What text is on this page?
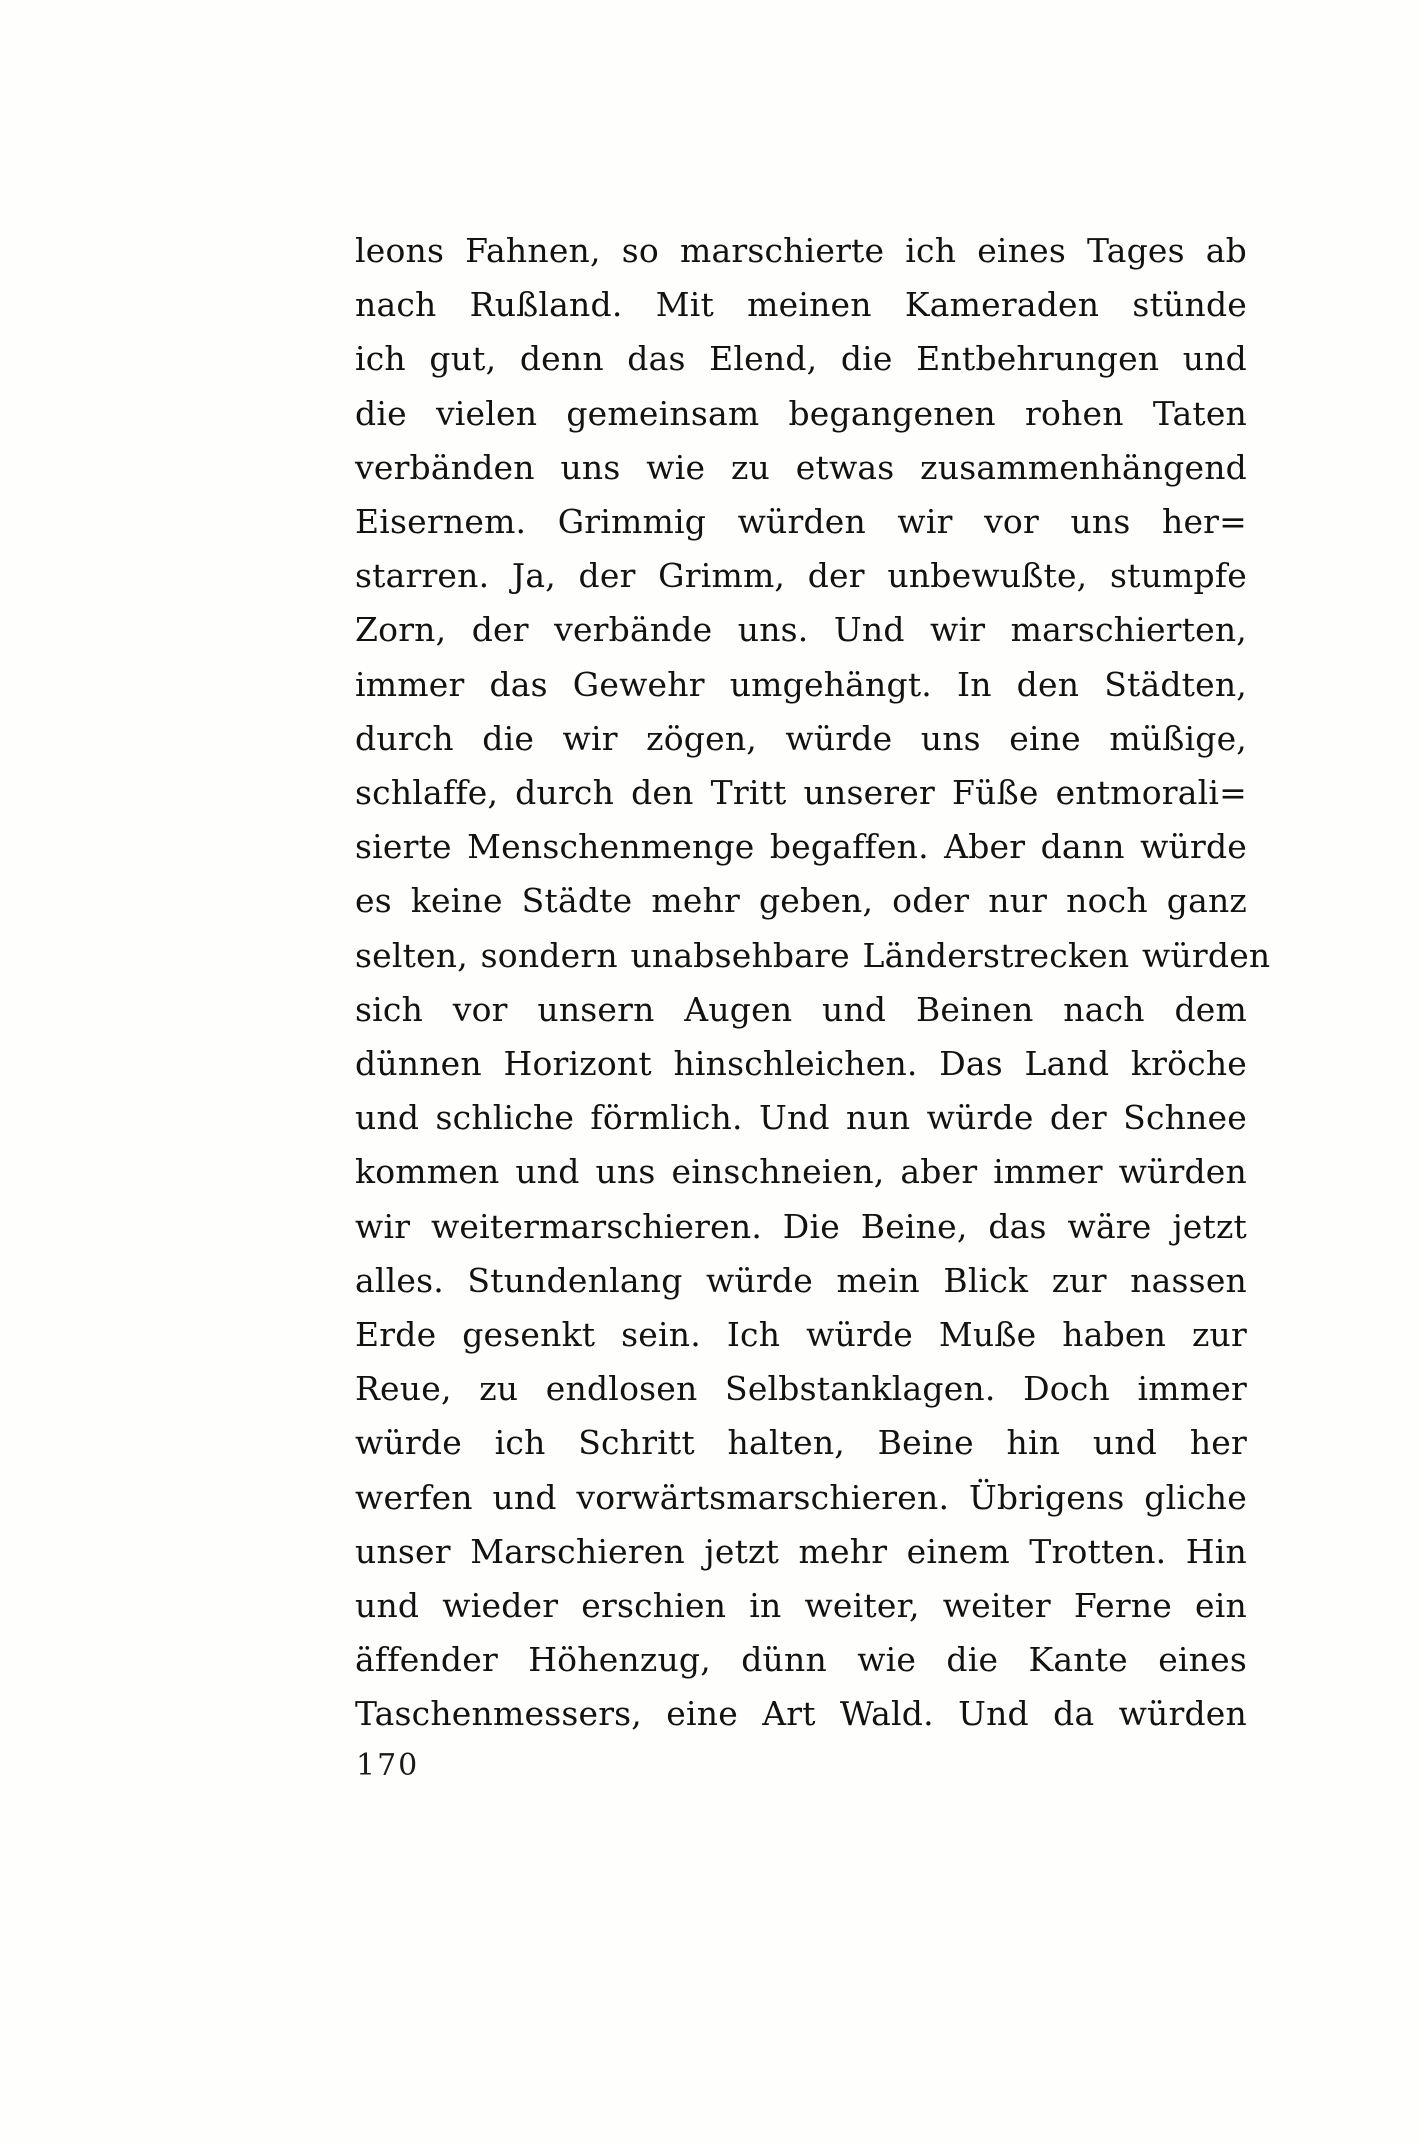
leons Fahnen, so marschierte ich eines Tages ab
nach Rußland. Mit meinen Kameraden stünde
ich gut, denn das Elend, die Entbehrungen und
die vielen gemeinsam begangenen rohen Taten
verbänden uns wie zu etwas zusammenhängend
Eisernem. Grimmig würden wir vor uns her=
starren. Ja, der Grimm, der unbewußte, stumpfe
Zorn, der verbände uns. Und wir marschierten,
immer das Gewehr umgehängt. In den Städten,
durch die wir zögen, würde uns eine müßige,
schlaffe, durch den Tritt unserer Füße entmorali=
sierte Menschenmenge begaffen. Aber dann würde
es keine Städte mehr geben, oder nur noch ganz
selten, sondern unabsehbare Länderstrecken würden
sich vor unsern Augen und Beinen nach dem
dünnen Horizont hinschleichen. Das Land kröche
und schliche förmlich. Und nun würde der Schnee
kommen und uns einschneien, aber immer würden
wir weitermarschieren. Die Beine, das wäre jetzt
alles. Stundenlang würde mein Blick zur nassen
Erde gesenkt sein. Ich würde Muße haben zur
Reue, zu endlosen Selbstanklagen. Doch immer
würde ich Schritt halten, Beine hin und her
werfen und vorwärtsmarschieren. Übrigens gliche
unser Marschieren jetzt mehr einem Trotten. Hin
und wieder erschien in weiter, weiter Ferne ein
äffender Höhenzug, dünn wie die Kante eines
Taschenmessers, eine Art Wald. Und da würden
170
